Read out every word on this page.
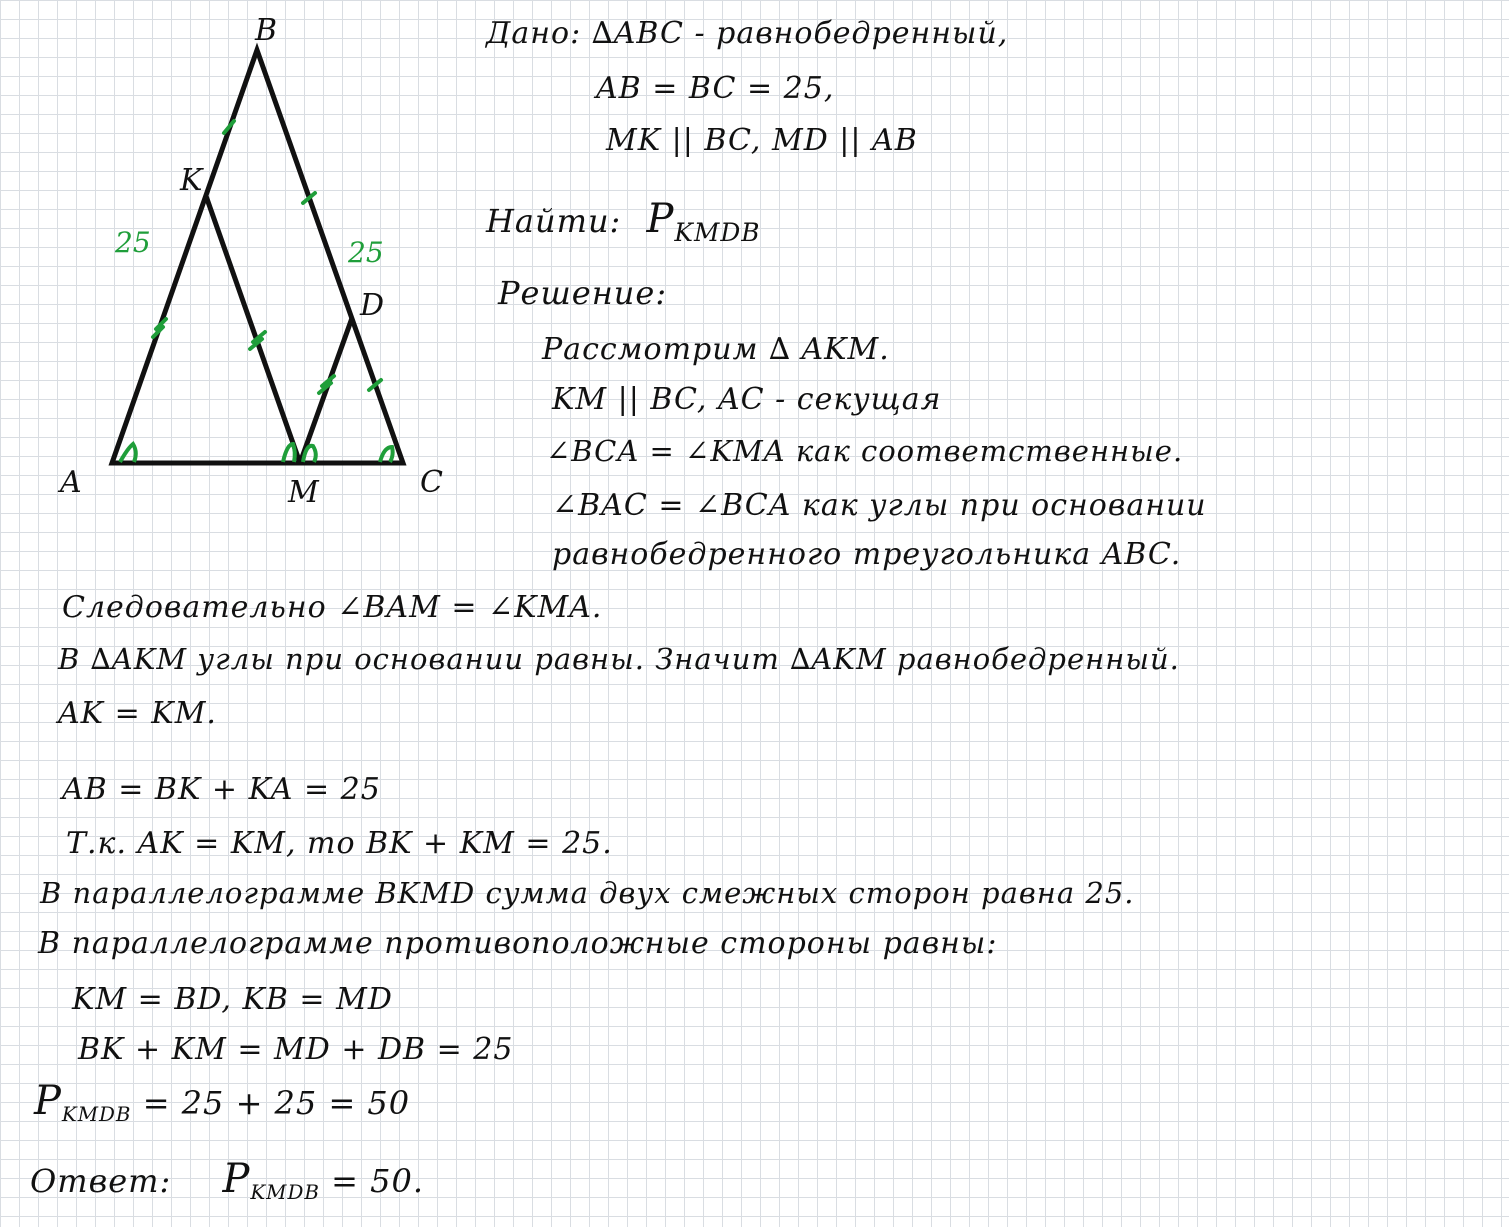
B
K
D
A	M	C
25	25
Дано: ∆ABC - равнобедренный,
AB = BC = 25,
MK || BC, MD || AB
Найти: $P_{KMDB}$
Решение:
Рассмотрим ∆ AKM.
KM || BC, AC - секущая
∠BCA = ∠KMA как соответственные.
∠BAC = ∠BCA как углы при основании
равнобедренного треугольника ABC.
Следовательно ∠BAM = ∠KMA.
В ∆AKM углы при основании равны. Значит ∆AKM равнобедренный.
AK = KM.
AB = BK + KA = 25
Т.к. AK = KM, то BK + KM = 25.
В параллелограмме BKMD сумма двух смежных сторон равна 25.
В параллелограмме противоположные стороны равны:
KM = BD, KB = MD
BK + KM = MD + DB = 25
$P_{KMDB} = 25 + 25 = 50$
Ответ: $P_{KMDB} = 50$.
